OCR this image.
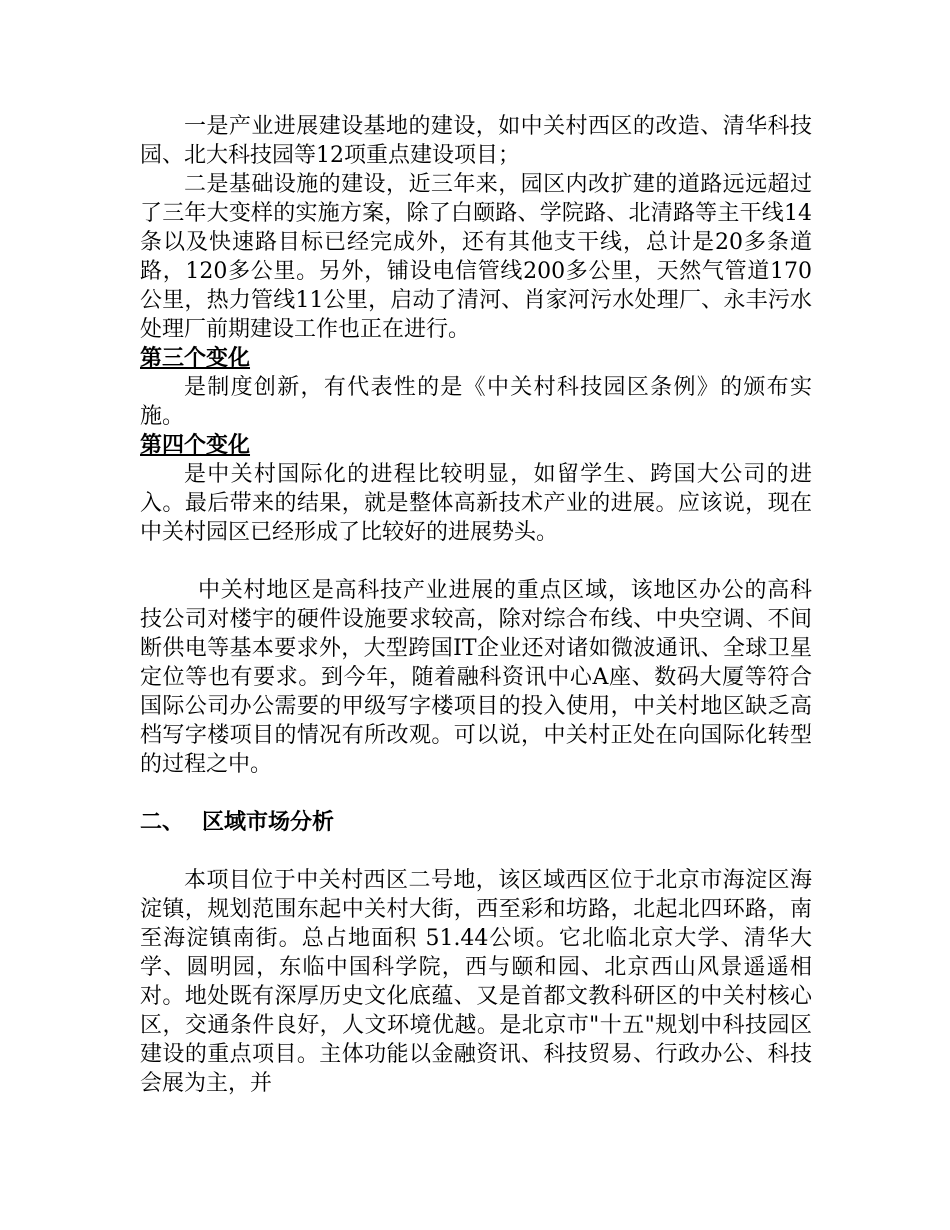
一是产业进展建设基地的建设，如中关村西区的改造、清华科技园、北大科技园等12项重点建设项目；

二是基础设施的建设，近三年来，园区内改扩建的道路远远超过了三年大变样的实施方案，除了白颐路、学院路、北清路等主干线14条以及快速路目标已经完成外，还有其他支干线，总计是20多条道路，120多公里。另外，铺设电信管线200多公里，天然气管道170公里，热力管线11公里，启动了清河、肖家河污水处理厂、永丰污水处理厂前期建设工作也正在进行。

第三个变化

是制度创新，有代表性的是《中关村科技园区条例》的颁布实施。

第四个变化

是中关村国际化的进程比较明显，如留学生、跨国大公司的进入。最后带来的结果，就是整体高新技术产业的进展。应该说，现在中关村园区已经形成了比较好的进展势头。

中关村地区是高科技产业进展的重点区域，该地区办公的高科技公司对楼宇的硬件设施要求较高，除对综合布线、中央空调、不间断供电等基本要求外，大型跨国IT企业还对诸如微波通讯、全球卫星定位等也有要求。到今年，随着融科资讯中心A座、数码大厦等符合国际公司办公需要的甲级写字楼项目的投入使用，中关村地区缺乏高档写字楼项目的情况有所改观。可以说，中关村正处在向国际化转型的过程之中。

二、 区域市场分析

本项目位于中关村西区二号地，该区域西区位于北京市海淀区海淀镇，规划范围东起中关村大街，西至彩和坊路，北起北四环路，南至海淀镇南街。总占地面积 51.44公顷。它北临北京大学、清华大学、圆明园，东临中国科学院，西与颐和园、北京西山风景遥遥相对。地处既有深厚历史文化底蕴、又是首都文教科研区的中关村核心区，交通条件良好，人文环境优越。是北京市"十五"规划中科技园区建设的重点项目。主体功能以金融资讯、科技贸易、行政办公、科技会展为主，并
